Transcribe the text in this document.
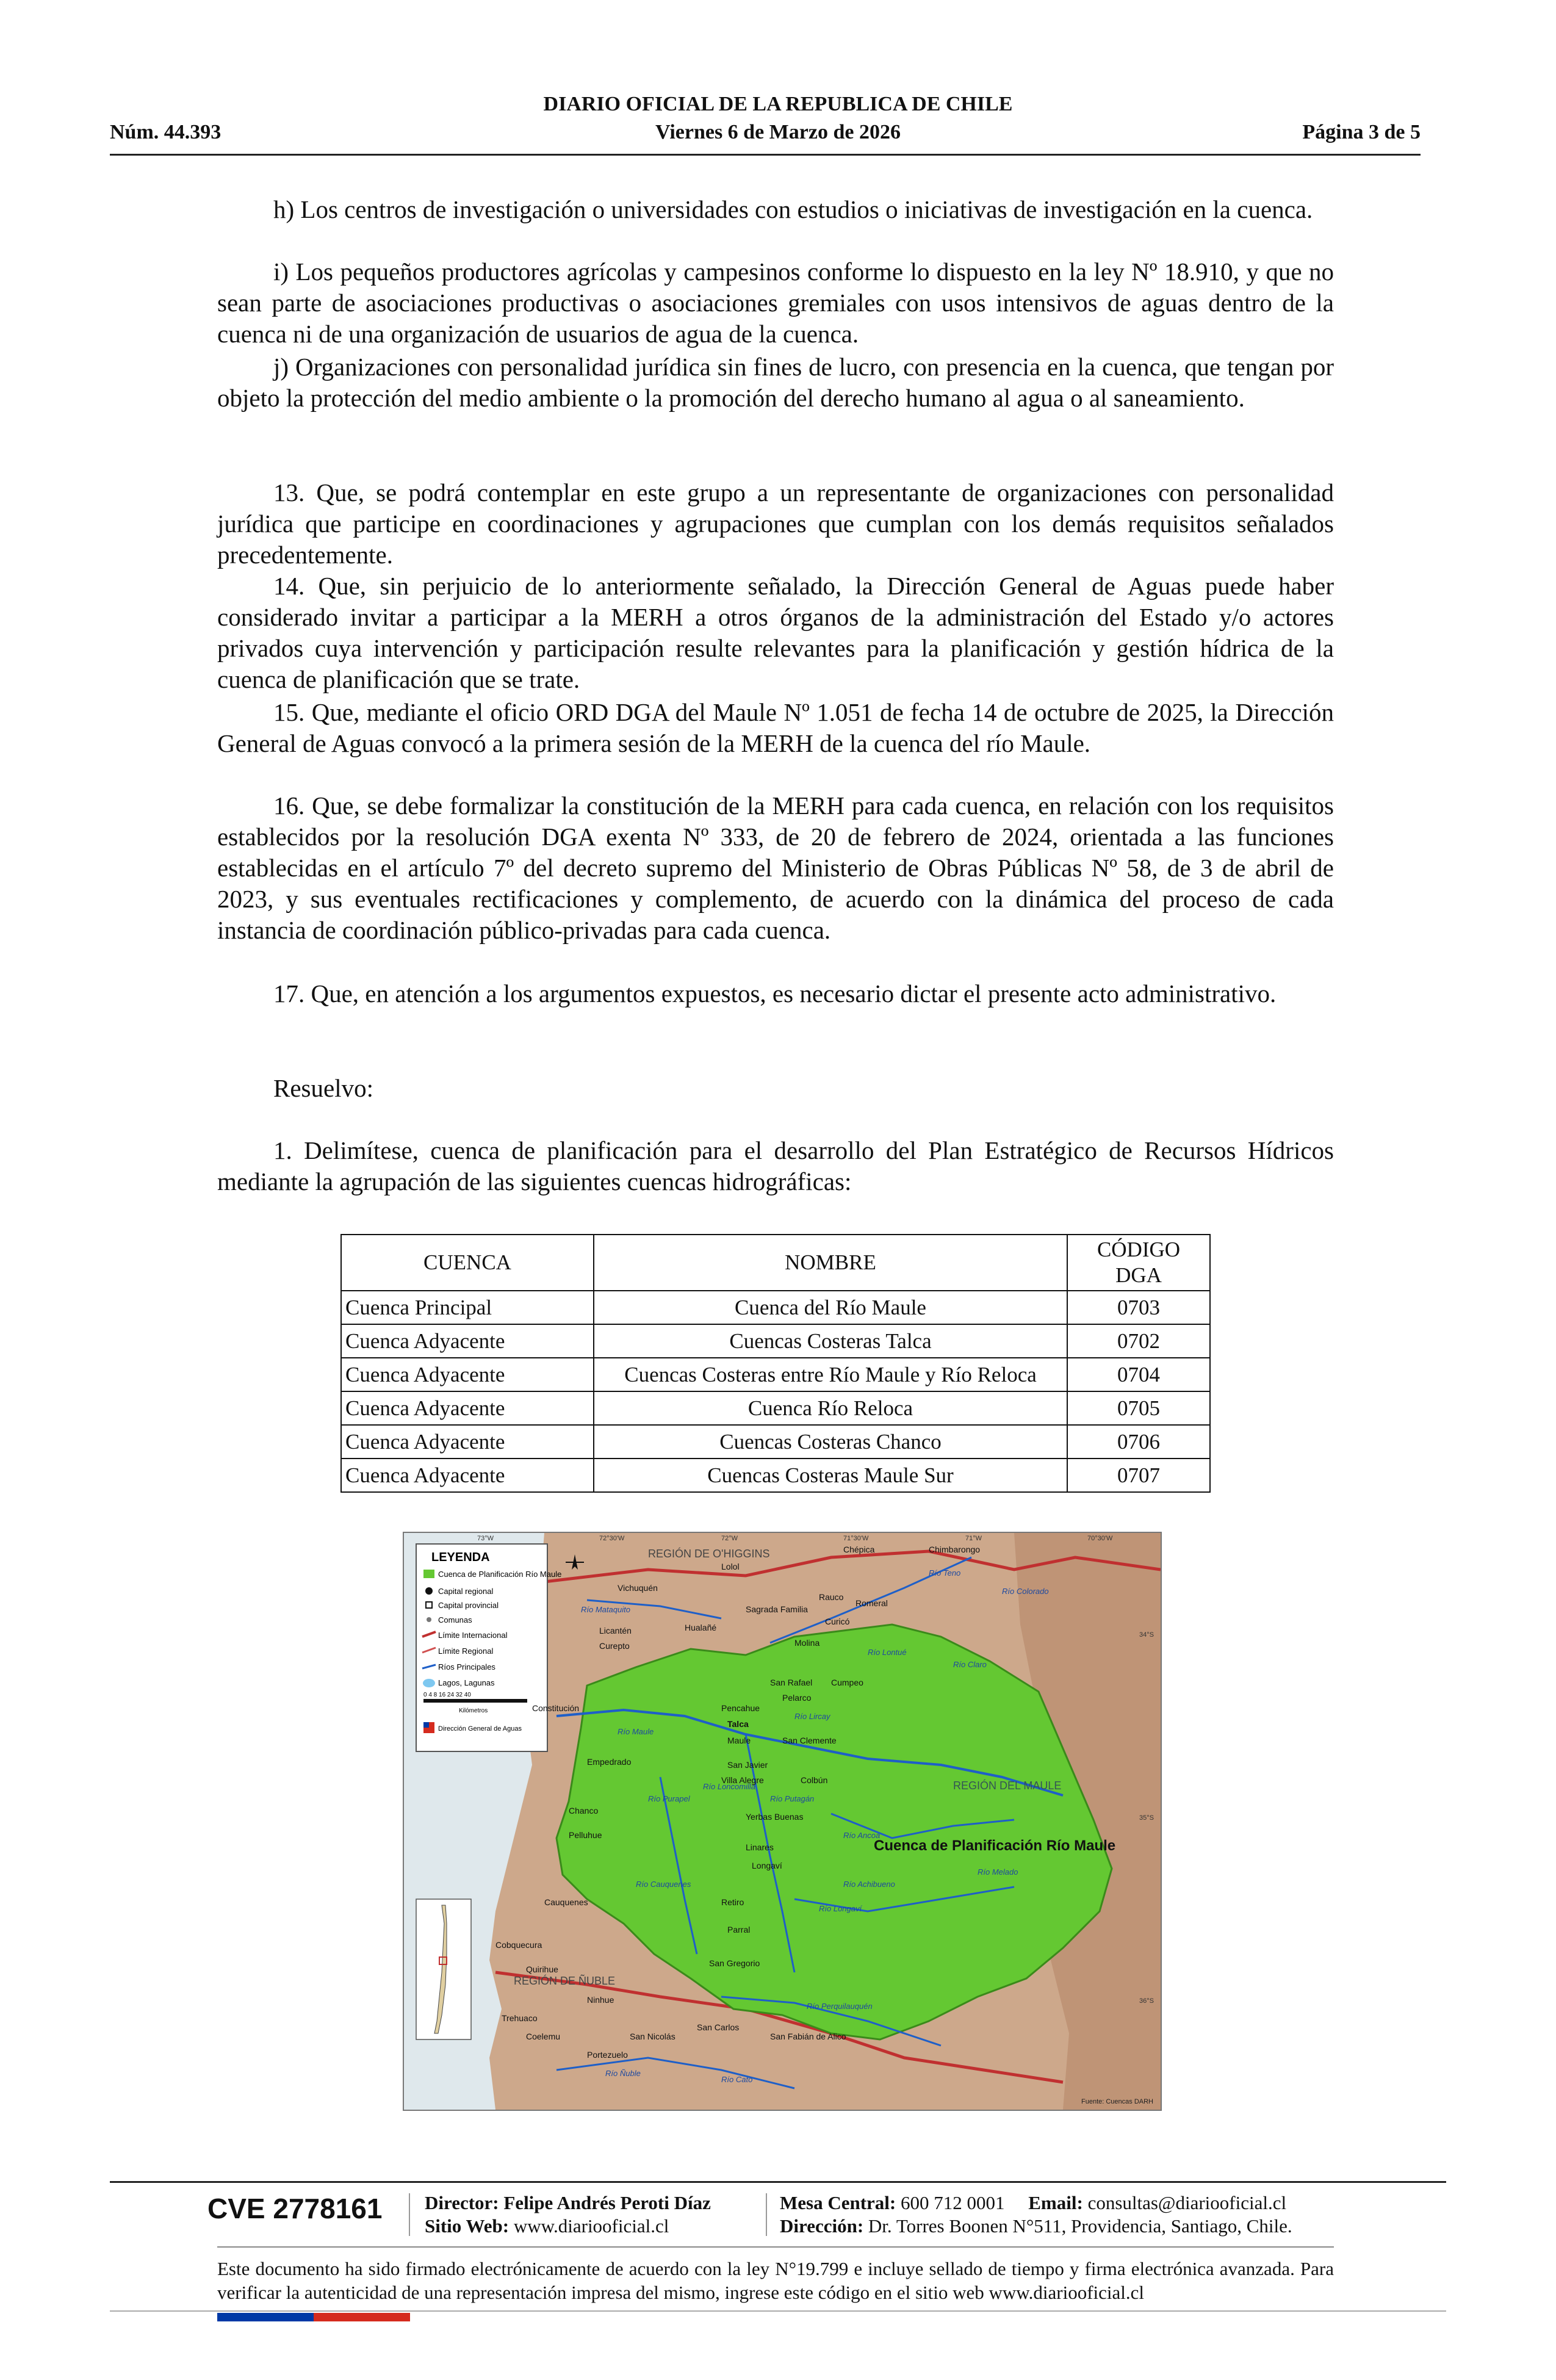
DIARIO OFICIAL DE LA REPUBLICA DE CHILE
Núm. 44.393	Viernes 6 de Marzo de 2026	Página 3 de 5

h) Los centros de investigación o universidades con estudios o iniciativas de investigación en la cuenca.

i) Los pequeños productores agrícolas y campesinos conforme lo dispuesto en la ley Nº 18.910, y que no sean parte de asociaciones productivas o asociaciones gremiales con usos intensivos de aguas dentro de la cuenca ni de una organización de usuarios de agua de la cuenca.

j) Organizaciones con personalidad jurídica sin fines de lucro, con presencia en la cuenca, que tengan por objeto la protección del medio ambiente o la promoción del derecho humano al agua o al saneamiento.

13. Que, se podrá contemplar en este grupo a un representante de organizaciones con personalidad jurídica que participe en coordinaciones y agrupaciones que cumplan con los demás requisitos señalados precedentemente.

14. Que, sin perjuicio de lo anteriormente señalado, la Dirección General de Aguas puede haber considerado invitar a participar a la MERH a otros órganos de la administración del Estado y/o actores privados cuya intervención y participación resulte relevantes para la planificación y gestión hídrica de la cuenca de planificación que se trate.

15. Que, mediante el oficio ORD DGA del Maule Nº 1.051 de fecha 14 de octubre de 2025, la Dirección General de Aguas convocó a la primera sesión de la MERH de la cuenca del río Maule.

16. Que, se debe formalizar la constitución de la MERH para cada cuenca, en relación con los requisitos establecidos por la resolución DGA exenta Nº 333, de 20 de febrero de 2024, orientada a las funciones establecidas en el artículo 7º del decreto supremo del Ministerio de Obras Públicas Nº 58, de 3 de abril de 2023, y sus eventuales rectificaciones y complemento, de acuerdo con la dinámica del proceso de cada instancia de coordinación público-privadas para cada cuenca.

17. Que, en atención a los argumentos expuestos, es necesario dictar el presente acto administrativo.

Resuelvo:

1. Delimítese, cuenca de planificación para el desarrollo del Plan Estratégico de Recursos Hídricos mediante la agrupación de las siguientes cuencas hidrográficas:

CUENCA	NOMBRE	CÓDIGO DGA
Cuenca Principal	Cuenca del Río Maule	0703
Cuenca Adyacente	Cuencas Costeras Talca	0702
Cuenca Adyacente	Cuencas Costeras entre Río Maule y Río Reloca	0704
Cuenca Adyacente	Cuenca Río Reloca	0705
Cuenca Adyacente	Cuencas Costeras Chanco	0706
Cuenca Adyacente	Cuencas Costeras Maule Sur	0707
LEYENDA
Cuenca de Planificación Río Maule
Capital regional
Capital provincial
Comunas
Límite Internacional
Límite Regional
Ríos Principales
Lagos, Lagunas
0 4 8 16 24 32 40
Kilómetros
Dirección General de Aguas
REGIÓN DE O'HIGGINS
REGIÓN DEL MAULE
REGIÓN DE ÑUBLE
Cuenca de Planificación Río Maule
Lolol
Chépica	Chimbarongo
Vichuquén
Sagrada Familia
Rauco
Romeral
Hualañé
Licantén
Curicó
Curepto	Molina
San Rafael
Pelarco
Cumpeo
Constitución	Pencahue
Talca
Maule	San Clemente
Empedrado	San Javier
Villa Alegre	Colbún
Chanco
Yerbas Buenas
Linares
Pelluhue
Longaví
Cauquenes	Retiro
Parral
Cobquecura
San Gregorio
Quirihue
Ninhue
Trehuaco
Coelemu	San Nicolás
San Carlos
San Fabián de Alico
Portezuelo
Río Mataquito
Río Teno
Río Claro
Río Lontué
Río Colorado
Río Maule
Río Lircay
Río Loncomilla
Río Purapel	Río Putagán
Río Ancoa
Río Achibueno
Río Longaví
Río Perquilauquén
Río Cauquenes
Río Melado
Río Cato
Río Ñuble
73°W	72°30'W	72°W	71°30'W	71°W	70°30'W
34°S
35°S
36°S
Fuente: Cuencas DARH
CVE 2778161 Director: Felipe Andrés Peroti Díaz
Sitio Web: www.diariooficial.cl
Mesa Central: 600 712 0001 Email: consultas@diariooficial.cl
Dirección: Dr. Torres Boonen N°511, Providencia, Santiago, Chile.

Este documento ha sido firmado electrónicamente de acuerdo con la ley N°19.799 e incluye sellado de tiempo y firma electrónica avanzada. Para verificar la autenticidad de una representación impresa del mismo, ingrese este código en el sitio web www.diariooficial.cl
